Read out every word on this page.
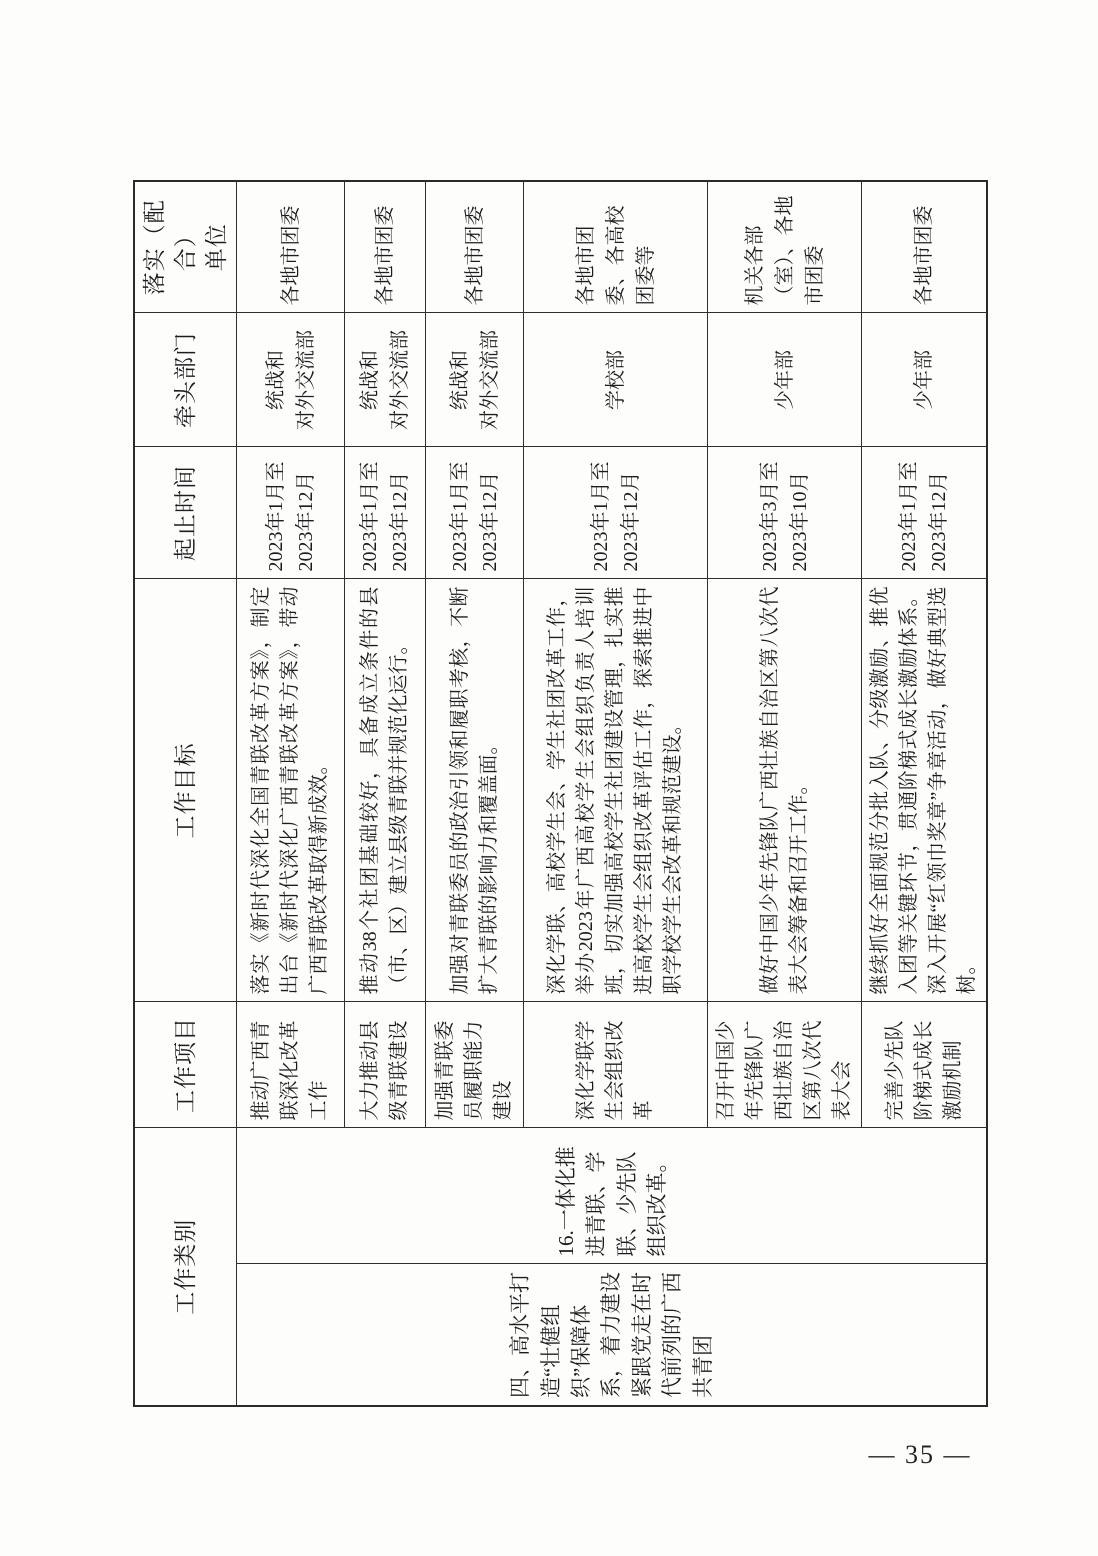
工作类别		工作项目	工作目标	起止时间	牵头部门	落实（配合） 单位
四、高水平打造“壮健组织”保障体系，着力建设紧跟党走在时代前列的广西共青团	16.一体化推进青联、学联、少先队组织改革。	推动广西青联深化改革工作	落实《新时代深化全国青联改革方案》，制定出台《新时代深化广西青联改革方案》，带动广西青联改革取得新成效。	2023年1月至 2023年12月	统战和 对外交流部	各地市团委
		大力推动县级青联建设	推动38个社团基础较好，具备成立条件的县（市、区）建立县级青联并规范化运行。	2023年1月至 2023年12月	统战和 对外交流部	各地市团委
		加强青联委员履职能力建设	加强对青联委员的政治引领和履职考核，不断扩大青联的影响力和覆盖面。	2023年1月至 2023年12月	统战和 对外交流部	各地市团委
		深化学联学生会组织改革	深化学联、高校学生会、学生社团改革工作，举办2023年广西高校学生会组织负责人培训班，切实加强高校学生社团建设管理，扎实推进高校学生会组织改革评估工作，探索推进中职学校学生会改革和规范建设。	2023年1月至 2023年12月	学校部	各地市团委、各高校团委等
		召开中国少年先锋队广西壮族自治区第八次代表大会	做好中国少年先锋队广西壮族自治区第八次代表大会筹备和召开工作。	2023年3月至 2023年10月	少年部	机关各部（室）、各地市团委
		完善少先队阶梯式成长激励机制	继续抓好全面规范分批入队、分级激励、推优入团等关键环节，贯通阶梯式成长激励体系。深入开展“红领巾奖章”争章活动，做好典型选树。	2023年1月至 2023年12月	少年部	各地市团委
— 35 —
